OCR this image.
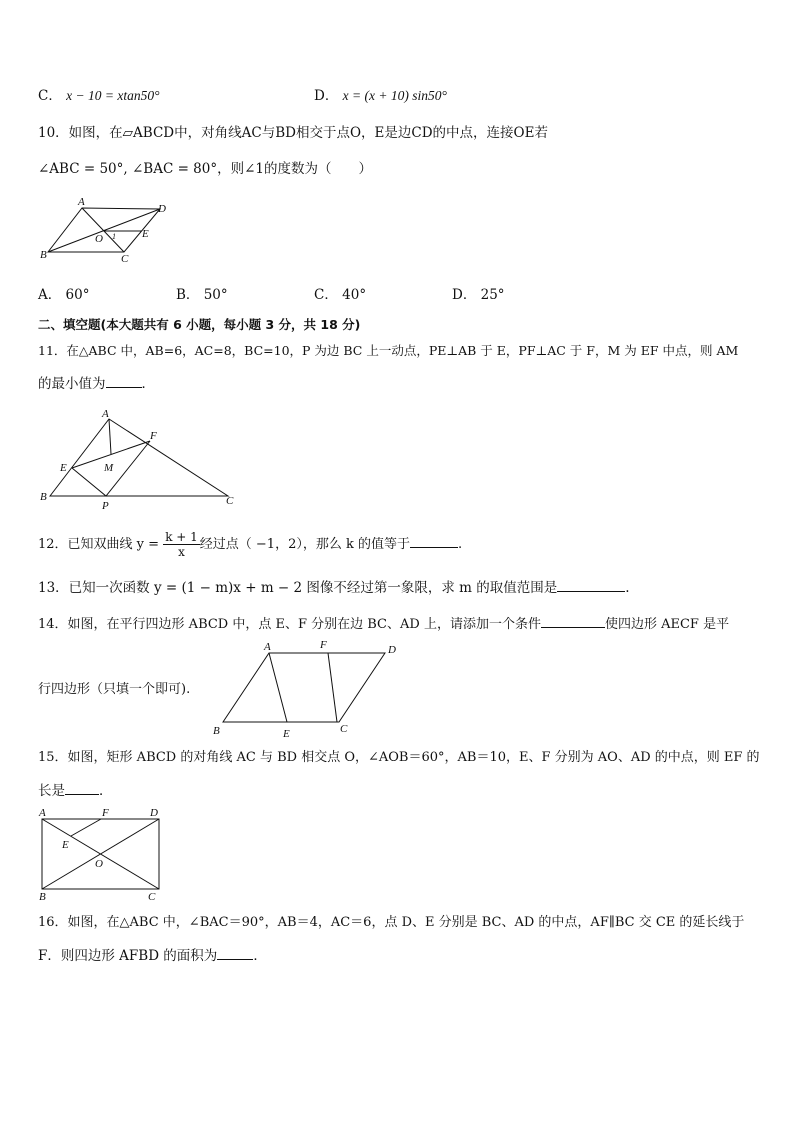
C． x − 10 = xtan50°	D． x = (x + 10) sin50°
10．如图，在▱ABCD中，对角线AC与BD相交于点O，E是边CD的中点，连接OE若
∠ABC = 50°, ∠BAC = 80°，则∠1的度数为（　　）
A
B	C
D
O	E
1
A． 60°	B． 50°	C． 40°	D． 25°
二、填空题(本大题共有 6 小题，每小题 3 分，共 18 分)
11．在△ABC 中，AB=6，AC=8，BC=10，P 为边 BC 上一动点，PE⊥AB 于 E，PF⊥AC 于 F，M 为 EF 中点，则 AM
的最小值为	．
A
B	C
E
F
M
P
12．已知双曲线 $y = \frac{k + 1}{x}$ 经过点（ −1，2），那么 k 的值等于	.
13．已知一次函数 y = (1 − m)x + m − 2 图像不经过第一象限，求 m 的取值范围是	.
14．如图，在平行四边形 ABCD 中，点 E、F 分别在边 BC、AD 上，请添加一个条件	使四边形 AECF 是平
行四边形（只填一个即可).
A
B	C
D
E
F
15．如图，矩形 ABCD 的对角线 AC 与 BD 相交点 O，∠AOB＝60°，AB＝10，E、F 分别为 AO、AD 的中点，则 EF 的
长是	．
A
B	C
D
E
F
O
16．如图，在△ABC 中，∠BAC＝90°，AB＝4，AC＝6，点 D、E 分别是 BC、AD 的中点，AF∥BC 交 CE 的延长线于
F．则四边形 AFBD 的面积为	．
